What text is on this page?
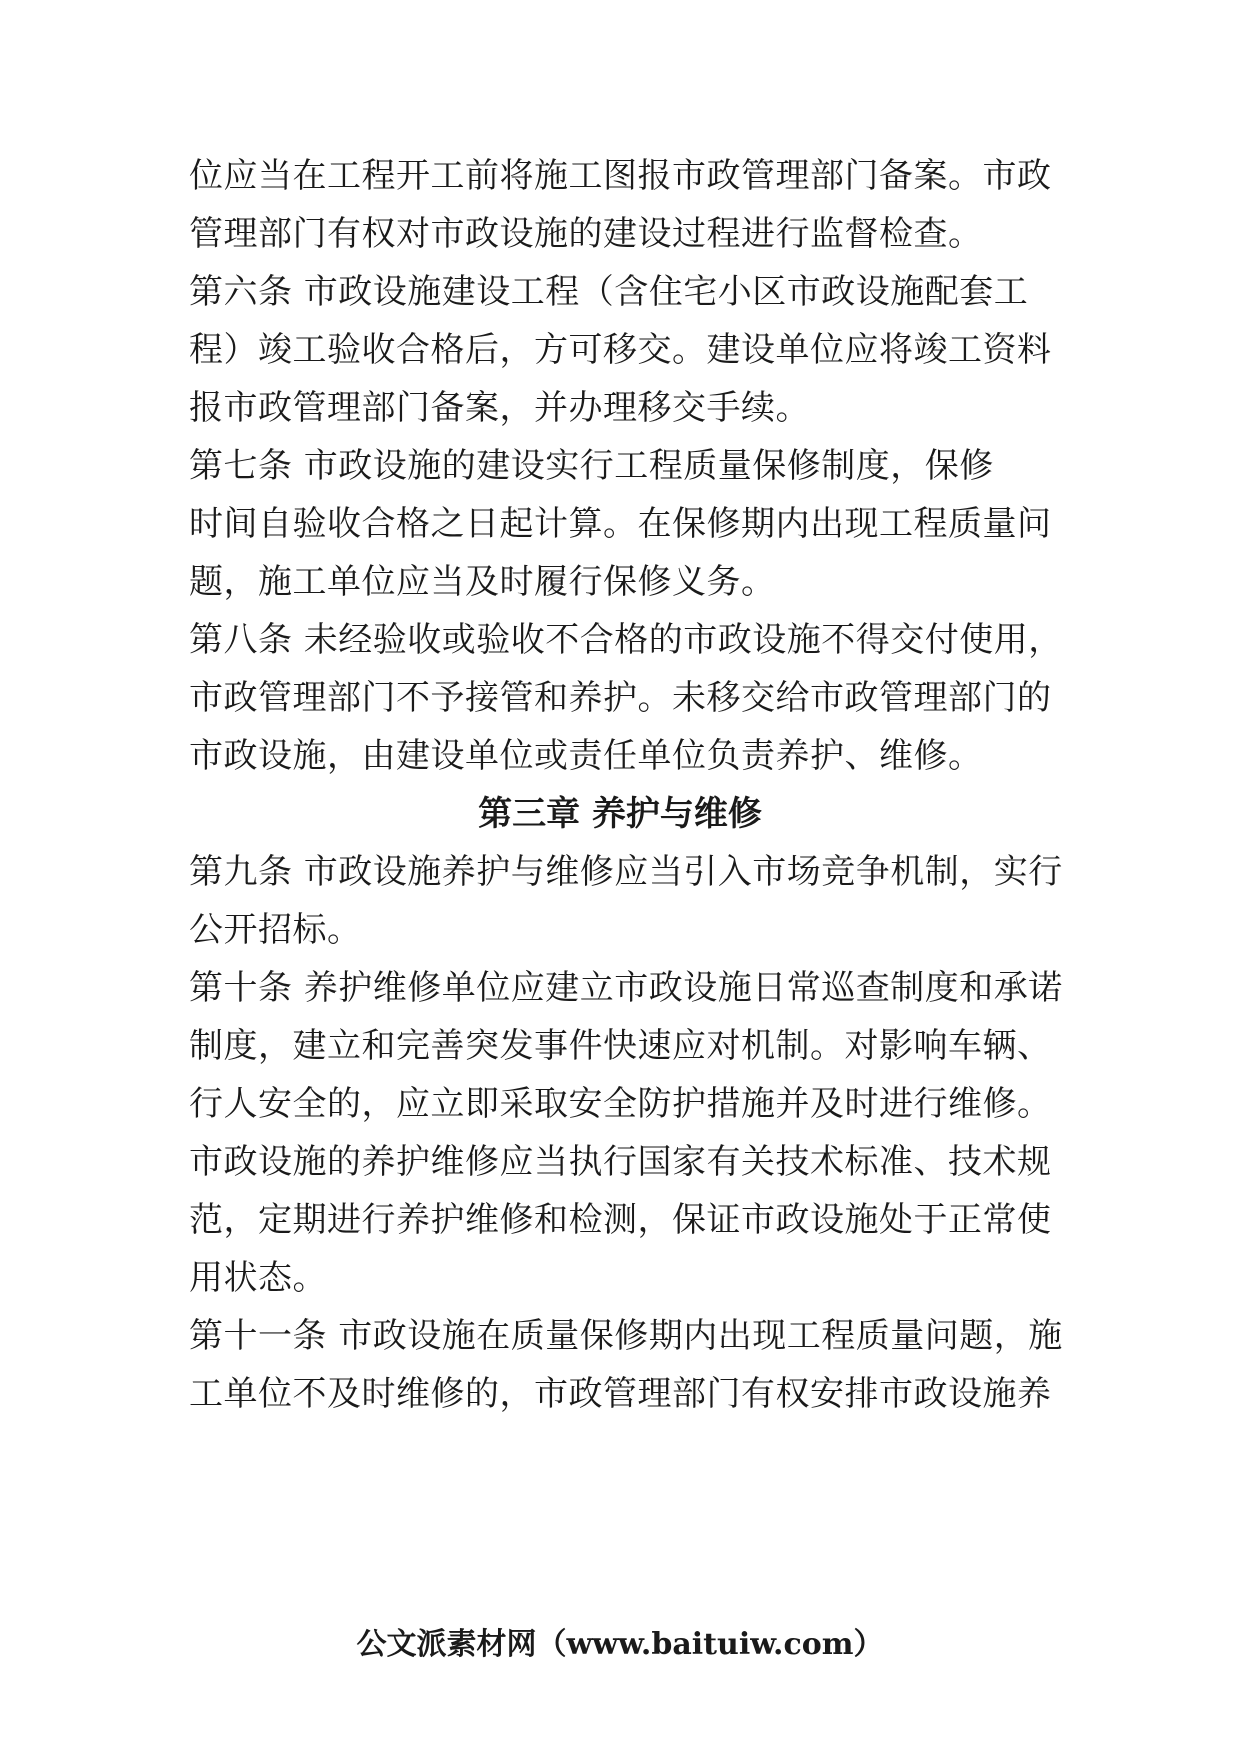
位应当在工程开工前将施工图报市政管理部门备案。市政
管理部门有权对市政设施的建设过程进行监督检查。
第六条 市政设施建设工程（含住宅小区市政设施配套工
程）竣工验收合格后，方可移交。建设单位应将竣工资料
报市政管理部门备案，并办理移交手续。
第七条 市政设施的建设实行工程质量保修制度，保修
时间自验收合格之日起计算。在保修期内出现工程质量问
题，施工单位应当及时履行保修义务。
第八条 未经验收或验收不合格的市政设施不得交付使用，
市政管理部门不予接管和养护。未移交给市政管理部门的
市政设施，由建设单位或责任单位负责养护、维修。
第三章 养护与维修
第九条 市政设施养护与维修应当引入市场竞争机制，实行
公开招标。
第十条 养护维修单位应建立市政设施日常巡查制度和承诺
制度，建立和完善突发事件快速应对机制。对影响车辆、
行人安全的，应立即采取安全防护措施并及时进行维修。
市政设施的养护维修应当执行国家有关技术标准、技术规
范，定期进行养护维修和检测，保证市政设施处于正常使
用状态。
第十一条 市政设施在质量保修期内出现工程质量问题，施
工单位不及时维修的，市政管理部门有权安排市政设施养
公文派素材网（www.baituiw.com）
